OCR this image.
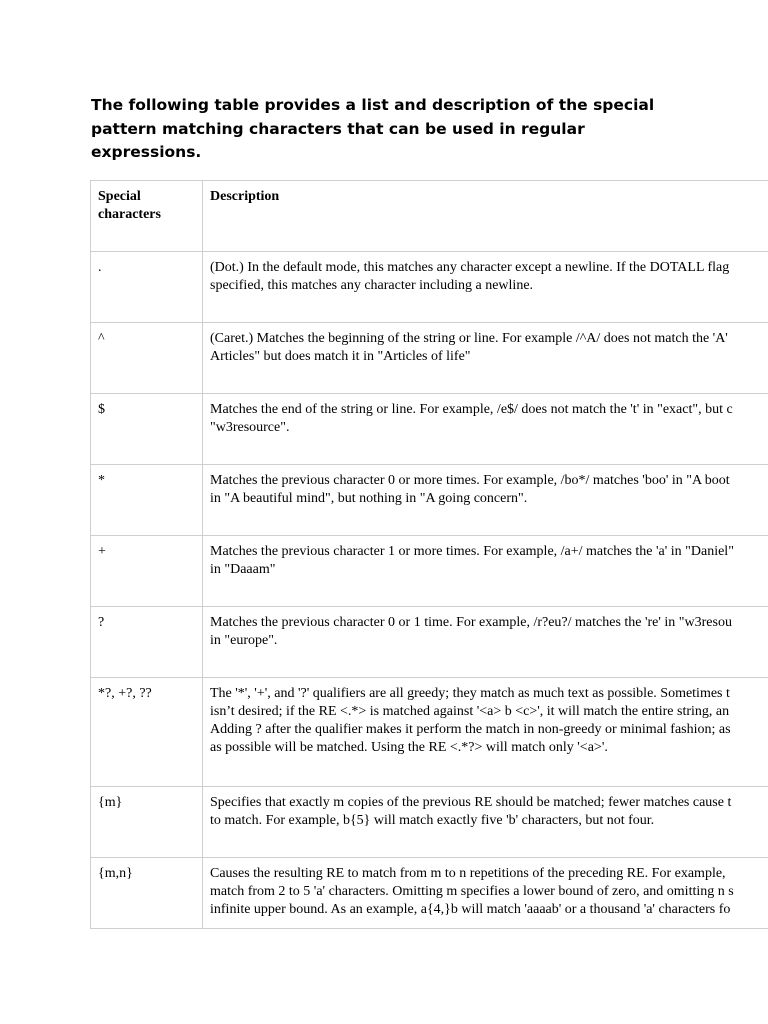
The following table provides a list and description of the special
pattern matching characters that can be used in regular
expressions.
Special
characters	Description
.	(Dot.) In the default mode, this matches any character except a newline. If the DOTALL flag
specified, this matches any character including a newline.

^	(Caret.) Matches the beginning of the string or line. For example /^A/ does not match the 'A'
Articles" but does match it in "Articles of life"

$	Matches the end of the string or line. For example, /e$/ does not match the 't' in "exact", but c
"w3resource".

*	Matches the previous character 0 or more times. For example, /bo*/ matches 'boo' in "A boot
in "A beautiful mind", but nothing in "A going concern".

+	Matches the previous character 1 or more times. For example, /a+/ matches the 'a' in "Daniel"
in "Daaam"

?	Matches the previous character 0 or 1 time. For example, /r?eu?/ matches the 're' in "w3resou
in "europe".

*?, +?, ??	The '*', '+', and '?' qualifiers are all greedy; they match as much text as possible. Sometimes t
isn’t desired; if the RE <.*> is matched against '<a> b <c>', it will match the entire string, an
Adding ? after the qualifier makes it perform the match in non-greedy or minimal fashion; as
as possible will be matched. Using the RE <.*?> will match only '<a>'.

{m}	Specifies that exactly m copies of the previous RE should be matched; fewer matches cause t
to match. For example, b{5} will match exactly five 'b' characters, but not four.

{m,n}	Causes the resulting RE to match from m to n repetitions of the preceding RE. For example,
match from 2 to 5 'a' characters. Omitting m specifies a lower bound of zero, and omitting n s
infinite upper bound. As an example, a{4,}b will match 'aaaab' or a thousand 'a' characters fo
